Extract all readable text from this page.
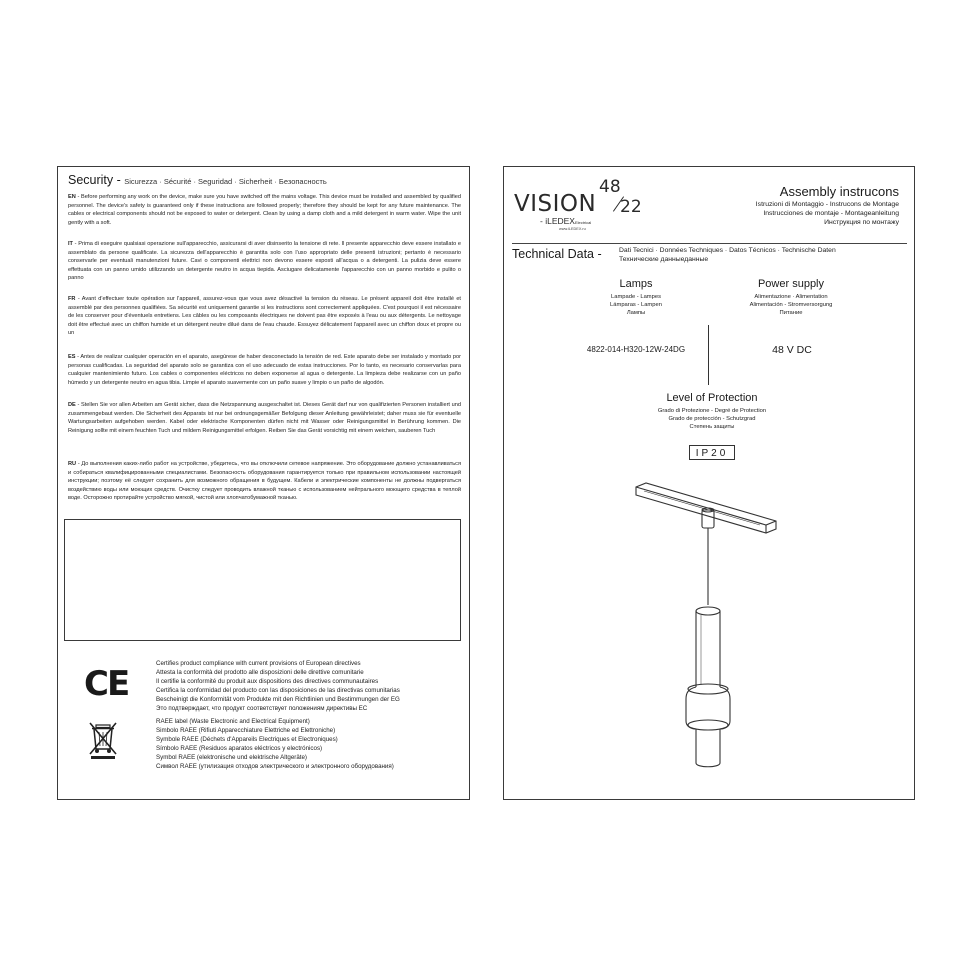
Security - Sicurezza · Sécurité · Seguridad · Sicherheit · Безопасность
EN - Before performing any work on the device, make sure you have switched off the mains voltage. This device must be installed and assembled by qualified personnel. The device's safety is guaranteed only if these instructions are followed properly; therefore they should be kept for any future maintenance. The cables or electrical components should not be exposed to water or detergent. Clean by using a damp cloth and a mild detergent in warm water. Wipe the unit gently with a soft.
IT - Prima di eseguire qualsiasi operazione sull'apparecchio, assicurarsi di aver disinserito la tensione di rete. Il presente apparecchio deve essere installato e assemblato da persone qualificate. La sicurezza dell'apparecchio è garantita solo con l'uso appropriato delle presenti istruzioni; pertanto è necessario conservarle per eventuali manutenzioni future. Cavi o componenti elettrici non devono essere esposti all'acqua o a detergenti. La pulizia deve essere effettuata con un panno umido utilizzando un detergente neutro in acqua tiepida. Asciugare delicatamente l'apparecchio con un panno morbido e pulito o panno
FR - Avant d'effectuer toute opération sur l'appareil, assurez-vous que vous avez désactivé la tension du réseau. Le présent appareil doit être installé et assemblé par des personnes qualifiées. Sa sécurité est uniquement garantie si les instructions sont correctement appliquées. C'est pourquoi il est nécessaire de les conserver pour d'éventuels entretiens. Les câbles ou les composants électriques ne doivent pas être exposés à l'eau ou aux détergents. Le nettoyage doit être effectué avec un chiffon humide et un détergent neutre dilué dans de l'eau chaude. Essuyez délicatement l'appareil avec un chiffon doux et propre ou un
ES - Antes de realizar cualquier operación en el aparato, asegúrese de haber desconectado la tensión de red. Este aparato debe ser instalado y montado por personas cualificadas. La seguridad del aparato solo se garantiza con el uso adecuado de estas instrucciones. Por lo tanto, es necesario conservarlas para cualquier mantenimiento futuro. Los cables o componentes eléctricos no deben exponerse al agua o detergente. La limpieza debe realizarse con un paño húmedo y un detergente neutro en agua tibia. Limpie el aparato suavemente con un paño suave y limpio o un paño de algodón.
DE - Stellen Sie vor allen Arbeiten am Gerät sicher, dass die Netzspannung ausgeschaltet ist. Dieses Gerät darf nur von qualifizierten Personen installiert und zusammengebaut werden. Die Sicherheit des Apparats ist nur bei ordnungsgemäßer Befolgung dieser Anleitung gewährleistet; daher muss sie für eventuelle Wartungsarbeiten aufgehoben werden. Kabel oder elektrische Komponenten dürfen nicht mit Wasser oder Reinigungsmittel in Berührung kommen. Die Reinigung sollte mit einem feuchten Tuch und mildem Reinigungsmittel erfolgen. Reiben Sie das Gerät vorsichtig mit einem weichen, sauberen Tuch
RU - До выполнения каких-либо работ на устройстве, убедитесь, что вы отключили сетевое напряжение. Это оборудование должно устанавливаться и собираться квалифицированными специалистами. Безопасность оборудования гарантируется только при правильном использовании настоящей инструкции; поэтому её следует сохранить для возможного обращения в будущем. Кабели и электрические компоненты не должны подвергаться воздействию воды или моющих средств. Очистку следует проводить влажной тканью с использованием нейтрального моющего средства в теплой воде. Осторожно протирайте устройство мягкой, чистой или хлопчатобумажной тканью.
CE
Certifies product compliance with current provisions of European directives
Attesta la conformità del prodotto alle disposizioni delle direttive comunitarie
Il certifie la conformité du produit aux dispositions des directives communautaires
Certifica la conformidad del producto con las disposiciones de las directivas comunitarias
Bescheinigt die Konformität vom Produkte mit den Richtlinien und Bestimmungen der EG
Это подтверждает, что продукт соответствует положениям директивы ЕС
RAEE label (Waste Electronic and Electrical Equipment)
Simbolo RAEE (Rifiuti Apparecchiature Elettriche ed Elettroniche)
Symbole RAEE (Déchets d'Appareils Electriques et Electroniques)
Símbolo RAEE (Residuos aparatos eléctricos y electrónicos)
Symbol RAEE (elektronische und elektrische Altgeräte)
Символ RAEE (утилизация отходов электрического и электронного оборудования)
VISION
48
22
- iLEDEXElectrical
www.iLEDEX.ru
Assembly instrucons
Istruzioni di Montaggio - Instrucons de Montage
Instrucciones de montaje - Montageanleitung
Инструкция по монтажу
Technical Data -	Dati Tecnici · Données Techniques · Datos Técnicos · Technische Daten
Технические данныеданные
Lamps
Lampade - Lampes
Lámparas - Lampen
Лампы
4822-014-H320-12W-24DG
Power supply
Alimentazione · Alimentation
Alimentación - Stromversorgung
Питание
48 V DC
Level of Protection
Grado di Protezione - Degré de Protection
Grado de protección - Schutzgrad
Степень защиты
IP20
